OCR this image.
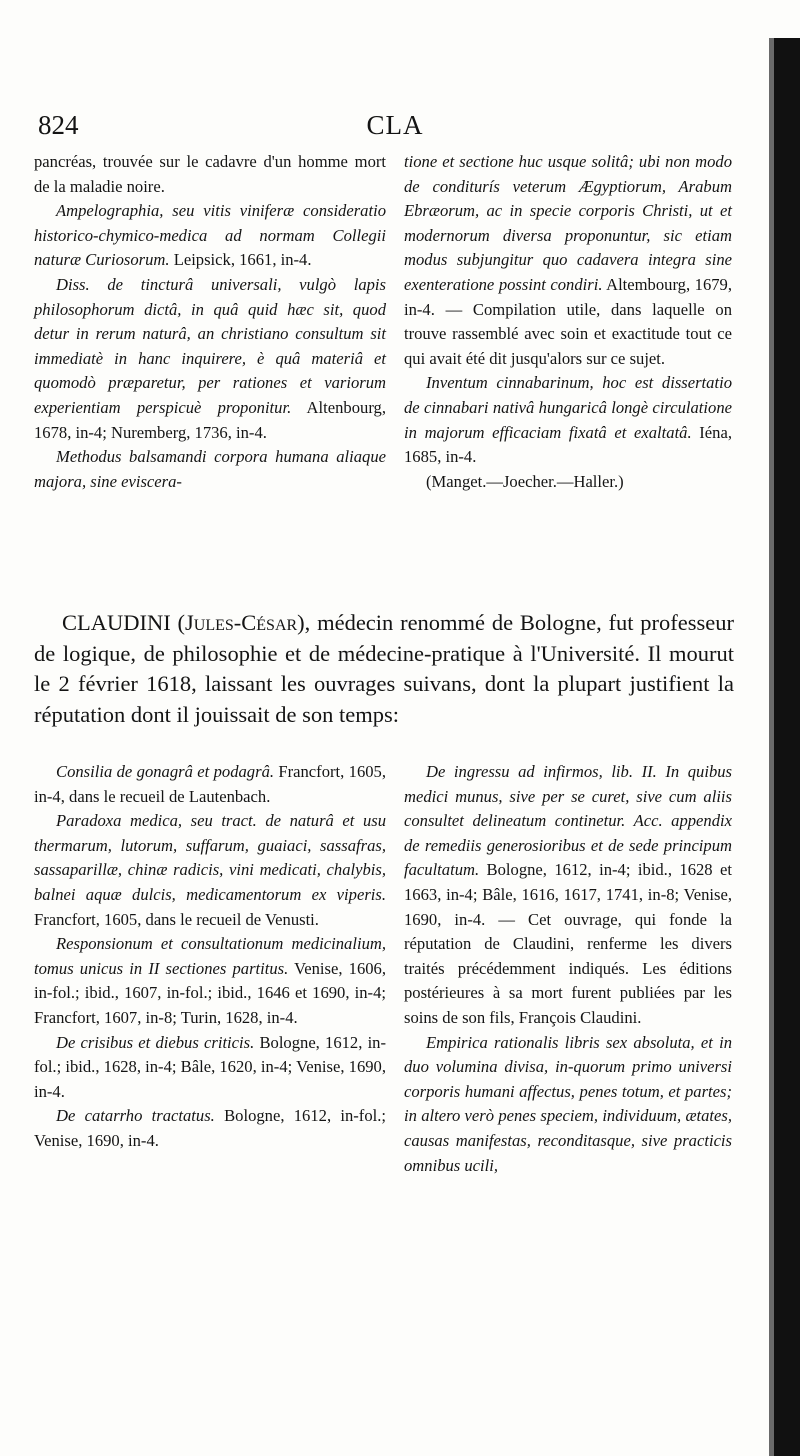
824	CLA

pancréas, trouvée sur le cadavre d'un homme mort de la maladie noire.

Ampelographia, seu vitis viniferæ consideratio historico-chymico-medica ad normam Collegii naturæ Curiosorum. Leipsick, 1661, in-4.

Diss. de tincturâ universali, vulgò lapis philosophorum dictâ, in quâ quid hæc sit, quod detur in rerum naturâ, an christiano consultum sit immediatè in hanc inquirere, è quâ materiâ et quomodò præparetur, per rationes et variorum experientiam perspicuè proponitur. Altenbourg, 1678, in-4; Nuremberg, 1736, in-4.

Methodus balsamandi corpora humana aliaque majora, sine eviscera-

tione et sectione huc usque solitâ; ubi non modo de conditurís veterum Ægyptiorum, Arabum Ebræorum, ac in specie corporis Christi, ut et modernorum diversa proponuntur, sic etiam modus subjungitur quo cadavera integra sine exenteratione possint condiri. Altembourg, 1679, in-4. — Compilation utile, dans laquelle on trouve rassemblé avec soin et exactitude tout ce qui avait été dit jusqu'alors sur ce sujet.

Inventum cinnabarinum, hoc est dissertatio de cinnabari nativâ hungaricâ longè circulatione in majorum efficaciam fixatâ et exaltatâ. Iéna, 1685, in-4.

(Manget.—Joecher.—Haller.)

CLAUDINI (Jules-César), médecin renommé de Bologne, fut professeur de logique, de philosophie et de médecine-pratique à l'Université. Il mourut le 2 février 1618, laissant les ouvrages suivans, dont la plupart justifient la réputation dont il jouissait de son temps:

Consilia de gonagrâ et podagrâ. Francfort, 1605, in-4, dans le recueil de Lautenbach.

Paradoxa medica, seu tract. de naturâ et usu thermarum, lutorum, suffarum, guaiaci, sassafras, sassaparillæ, chinæ radicis, vini medicati, chalybis, balnei aquæ dulcis, medicamentorum ex viperis. Francfort, 1605, dans le recueil de Venusti.

Responsionum et consultationum medicinalium, tomus unicus in II sectiones partitus. Venise, 1606, in-fol.; ibid., 1607, in-fol.; ibid., 1646 et 1690, in-4; Francfort, 1607, in-8; Turin, 1628, in-4.

De crisibus et diebus criticis. Bologne, 1612, in-fol.; ibid., 1628, in-4; Bâle, 1620, in-4; Venise, 1690, in-4.

De catarrho tractatus. Bologne, 1612, in-fol.; Venise, 1690, in-4.

De ingressu ad infirmos, lib. II. In quibus medici munus, sive per se curet, sive cum aliis consultet delineatum continetur. Acc. appendix de remediis generosioribus et de sede principum facultatum. Bologne, 1612, in-4; ibid., 1628 et 1663, in-4; Bâle, 1616, 1617, 1741, in-8; Venise, 1690, in-4. — Cet ouvrage, qui fonde la réputation de Claudini, renferme les divers traités précédemment indiqués. Les éditions postérieures à sa mort furent publiées par les soins de son fils, François Claudini.

Empirica rationalis libris sex absoluta, et in duo volumina divisa, in-quorum primo universi corporis humani affectus, penes totum, et partes; in altero verò penes speciem, individuum, ætates, causas manifestas, reconditasque, sive practicis omnibus ucili,
